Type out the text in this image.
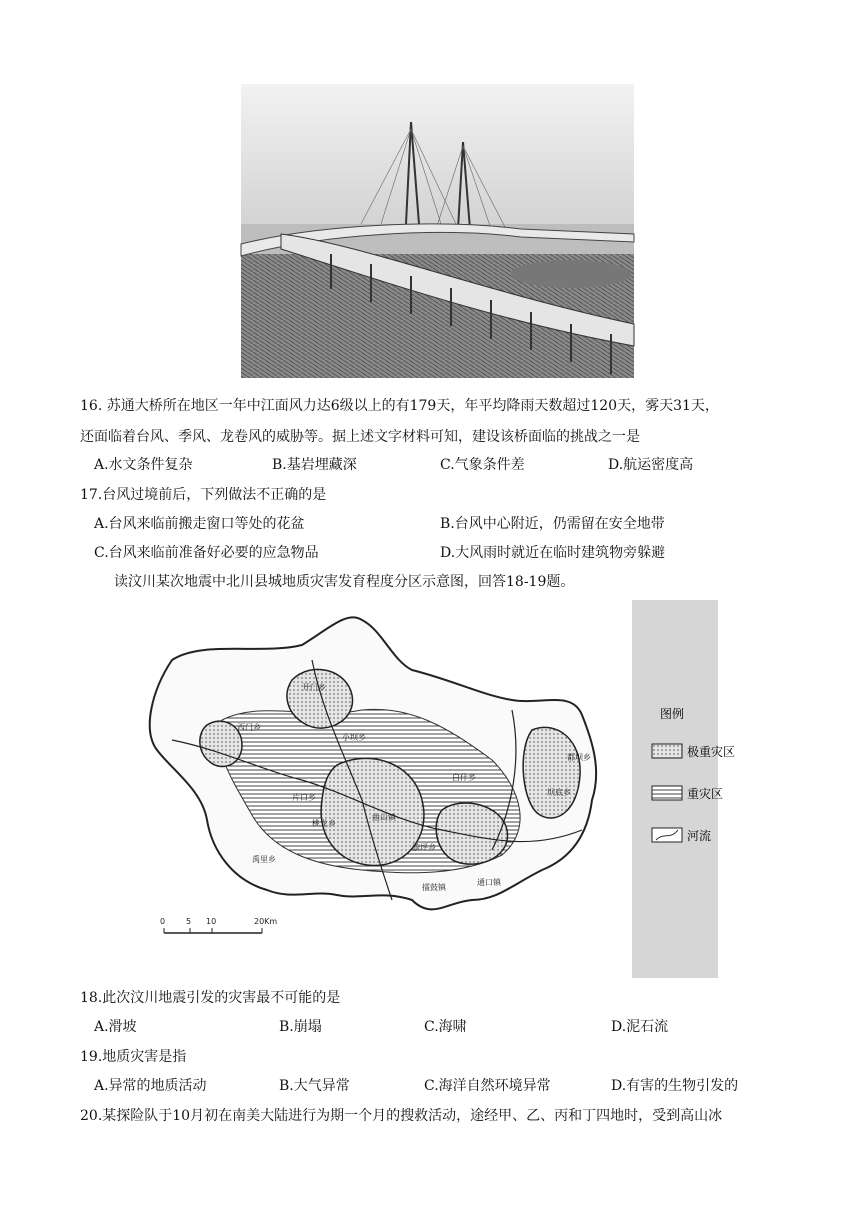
16. 苏通大桥所在地区一年中江面风力达6级以上的有179天，年平均降雨天数超过120天，雾天31天，
还面临着台风、季风、龙卷风的威胁等。据上述文字材料可知，建设该桥面临的挑战之一是
A.水文条件复杂	B.基岩埋藏深	C.气象条件差	D.航运密度高
17.台风过境前后，下列做法不正确的是
A.台风来临前搬走窗口等处的花盆	B.台风中心附近，仍需留在安全地带
C.台风来临前准备好必要的应急物品	D.大风雨时就近在临时建筑物旁躲避
读汶川某次地震中北川县城地质灾害发育程度分区示意图，回答18-19题。
开门乡
西门乡
小坝乡
片口乡
桃龙乡
曲山镇
漩坪乡
擂鼓镇
通口镇
禹里乡
坝底乡
都坝乡
白什乡
0	5 10	20Km
图例
极重灾区
重灾区
河流
18.此次汶川地震引发的灾害最不可能的是
A.滑坡	B.崩塌	C.海啸	D.泥石流
19.地质灾害是指
A.异常的地质活动	B.大气异常	C.海洋自然环境异常	D.有害的生物引发的
20.某探险队于10月初在南美大陆进行为期一个月的搜救活动，途经甲、乙、丙和丁四地时，受到高山冰
